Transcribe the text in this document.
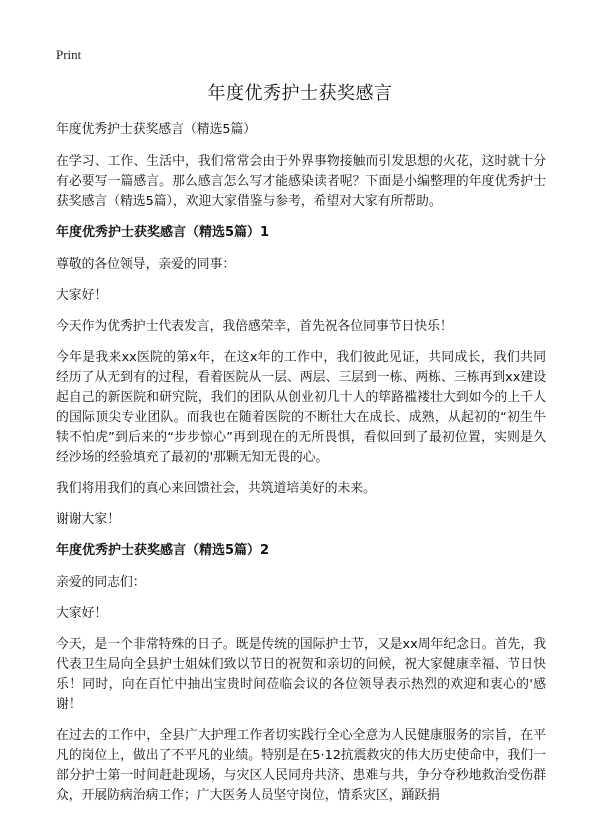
Print
年度优秀护士获奖感言
年度优秀护士获奖感言（精选5篇）

在学习、工作、生活中，我们常常会由于外界事物接触而引发思想的火花，这时就十分有必要写一篇感言。那么感言怎么写才能感染读者呢？下面是小编整理的年度优秀护士获奖感言（精选5篇），欢迎大家借鉴与参考，希望对大家有所帮助。

年度优秀护士获奖感言（精选5篇）1

尊敬的各位领导，亲爱的同事：

大家好！

今天作为优秀护士代表发言，我倍感荣幸，首先祝各位同事节日快乐！

今年是我来xx医院的第x年，在这x年的工作中，我们彼此见证，共同成长，我们共同经历了从无到有的过程，看着医院从一层、两层、三层到一栋、两栋、三栋再到xx建设起自己的新医院和研究院，我们的团队从创业初几十人的筚路褴褛壮大到如今的上千人的国际顶尖专业团队。而我也在随着医院的不断壮大在成长、成熟，从起初的“初生牛犊不怕虎”到后来的“步步惊心”再到现在的无所畏惧，看似回到了最初位置，实则是久经沙场的经验填充了最初的'那颗无知无畏的心。

我们将用我们的真心来回馈社会，共筑道培美好的未来。

谢谢大家！

年度优秀护士获奖感言（精选5篇）2

亲爱的同志们：

大家好！

今天，是一个非常特殊的日子。既是传统的国际护士节，又是xx周年纪念日。首先，我代表卫生局向全县护士姐妹们致以节日的祝贺和亲切的问候，祝大家健康幸福、节日快乐！同时，向在百忙中抽出宝贵时间莅临会议的各位领导表示热烈的欢迎和衷心的'感谢！

在过去的工作中，全县广大护理工作者切实践行全心全意为人民健康服务的宗旨，在平凡的岗位上，做出了不平凡的业绩。特别是在5·12抗震救灾的伟大历史使命中，我们一部分护士第一时间赶赴现场，与灾区人民同舟共济、患难与共，争分夺秒地救治受伤群众，开展防病治病工作；广大医务人员坚守岗位，情系灾区，踊跃捐
